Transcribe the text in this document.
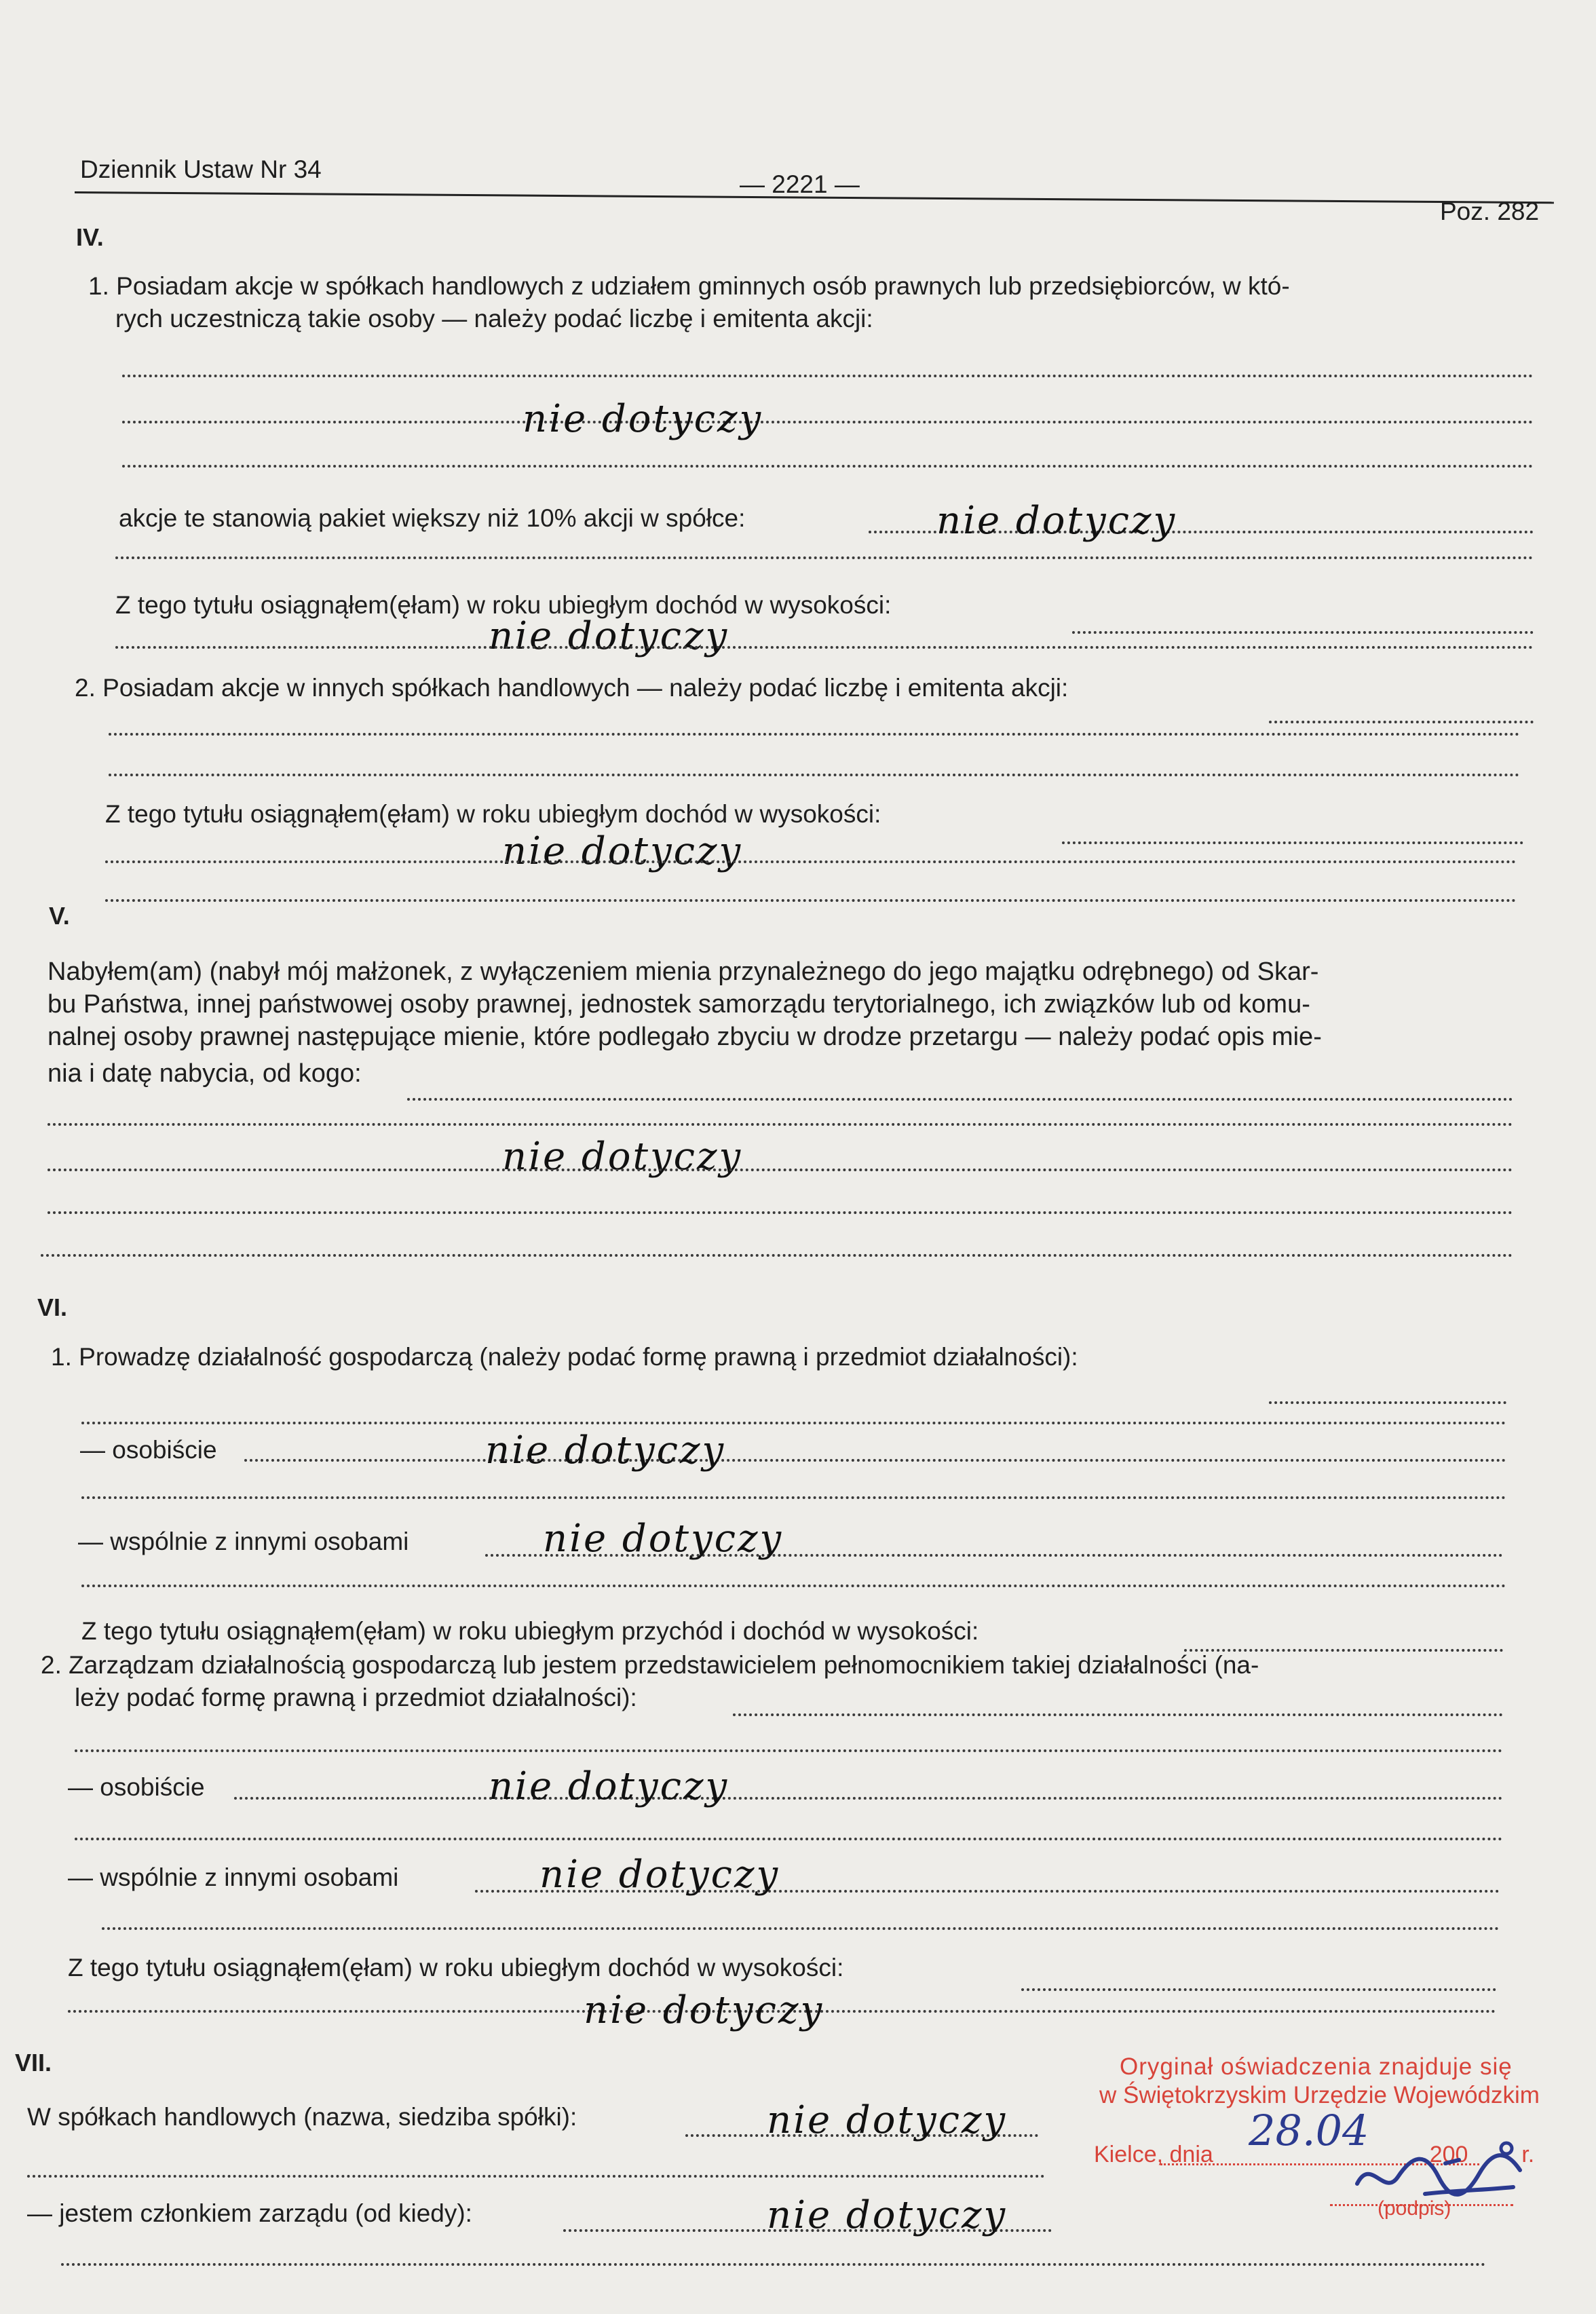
Dziennik Ustaw Nr 34
— 2221 —
Poz. 282
IV.
1. Posiadam akcje w spółkach handlowych z udziałem gminnych osób prawnych lub przedsiębiorców, w któ-
rych uczestniczą takie osoby — należy podać liczbę i emitenta akcji:
nie dotyczy
akcje te stanowią pakiet większy niż 10% akcji w spółce:	nie dotyczy
Z tego tytułu osiągnąłem(ęłam) w roku ubiegłym dochód w wysokości:
nie dotyczy
2. Posiadam akcje w innych spółkach handlowych — należy podać liczbę i emitenta akcji:
Z tego tytułu osiągnąłem(ęłam) w roku ubiegłym dochód w wysokości:
nie dotyczy
V.
Nabyłem(am) (nabył mój małżonek, z wyłączeniem mienia przynależnego do jego majątku odrębnego) od Skar-
bu Państwa, innej państwowej osoby prawnej, jednostek samorządu terytorialnego, ich związków lub od komu-
nalnej osoby prawnej następujące mienie, które podlegało zbyciu w drodze przetargu — należy podać opis mie-
nia i datę nabycia, od kogo:
nie dotyczy
VI.
1. Prowadzę działalność gospodarczą (należy podać formę prawną i przedmiot działalności):
— osobiście	nie dotyczy
— wspólnie z innymi osobami	nie dotyczy
Z tego tytułu osiągnąłem(ęłam) w roku ubiegłym przychód i dochód w wysokości:
2. Zarządzam działalnością gospodarczą lub jestem przedstawicielem pełnomocnikiem takiej działalności (na-
leży podać formę prawną i przedmiot działalności):
— osobiście	nie dotyczy
— wspólnie z innymi osobami	nie dotyczy
Z tego tytułu osiągnąłem(ęłam) w roku ubiegłym dochód w wysokości:
nie dotyczy
VII.
W spółkach handlowych (nazwa, siedziba spółki):	nie dotyczy
— jestem członkiem zarządu (od kiedy):	nie dotyczy
Oryginał oświadczenia znajduje się
w Świętokrzyskim Urzędzie Wojewódzkim
Kielce, dnia	200 r.
28.04
(podpis)
